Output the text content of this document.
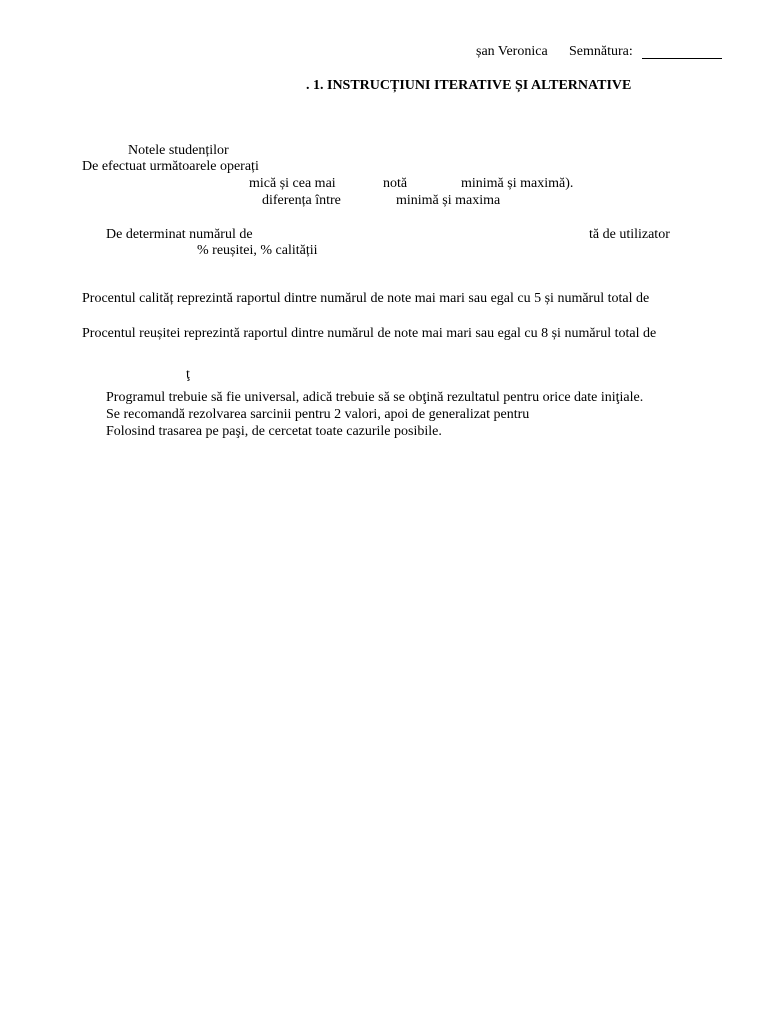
șan Veronica Semnătura:
. 1. INSTRUCȚIUNI ITERATIVE ȘI ALTERNATIVE
Notele studenților
De efectuat următoarele operați
mică și cea mai	notă	minimă și maximă).
diferența între	minimă și maxima
De determinat numărul de	tă de utilizator
% reușitei, % calității
Procentul calităț reprezintă raportul dintre numărul de note mai mari sau egal cu 5 și numărul total de
Procentul reușitei reprezintă raportul dintre numărul de note mai mari sau egal cu 8 și numărul total de
ţ
Programul trebuie să fie universal, adică trebuie să se obţină rezultatul pentru orice date iniţiale.
Se recomandă rezolvarea sarcinii pentru 2 valori, apoi de generalizat pentru
Folosind trasarea pe paşi, de cercetat toate cazurile posibile.
